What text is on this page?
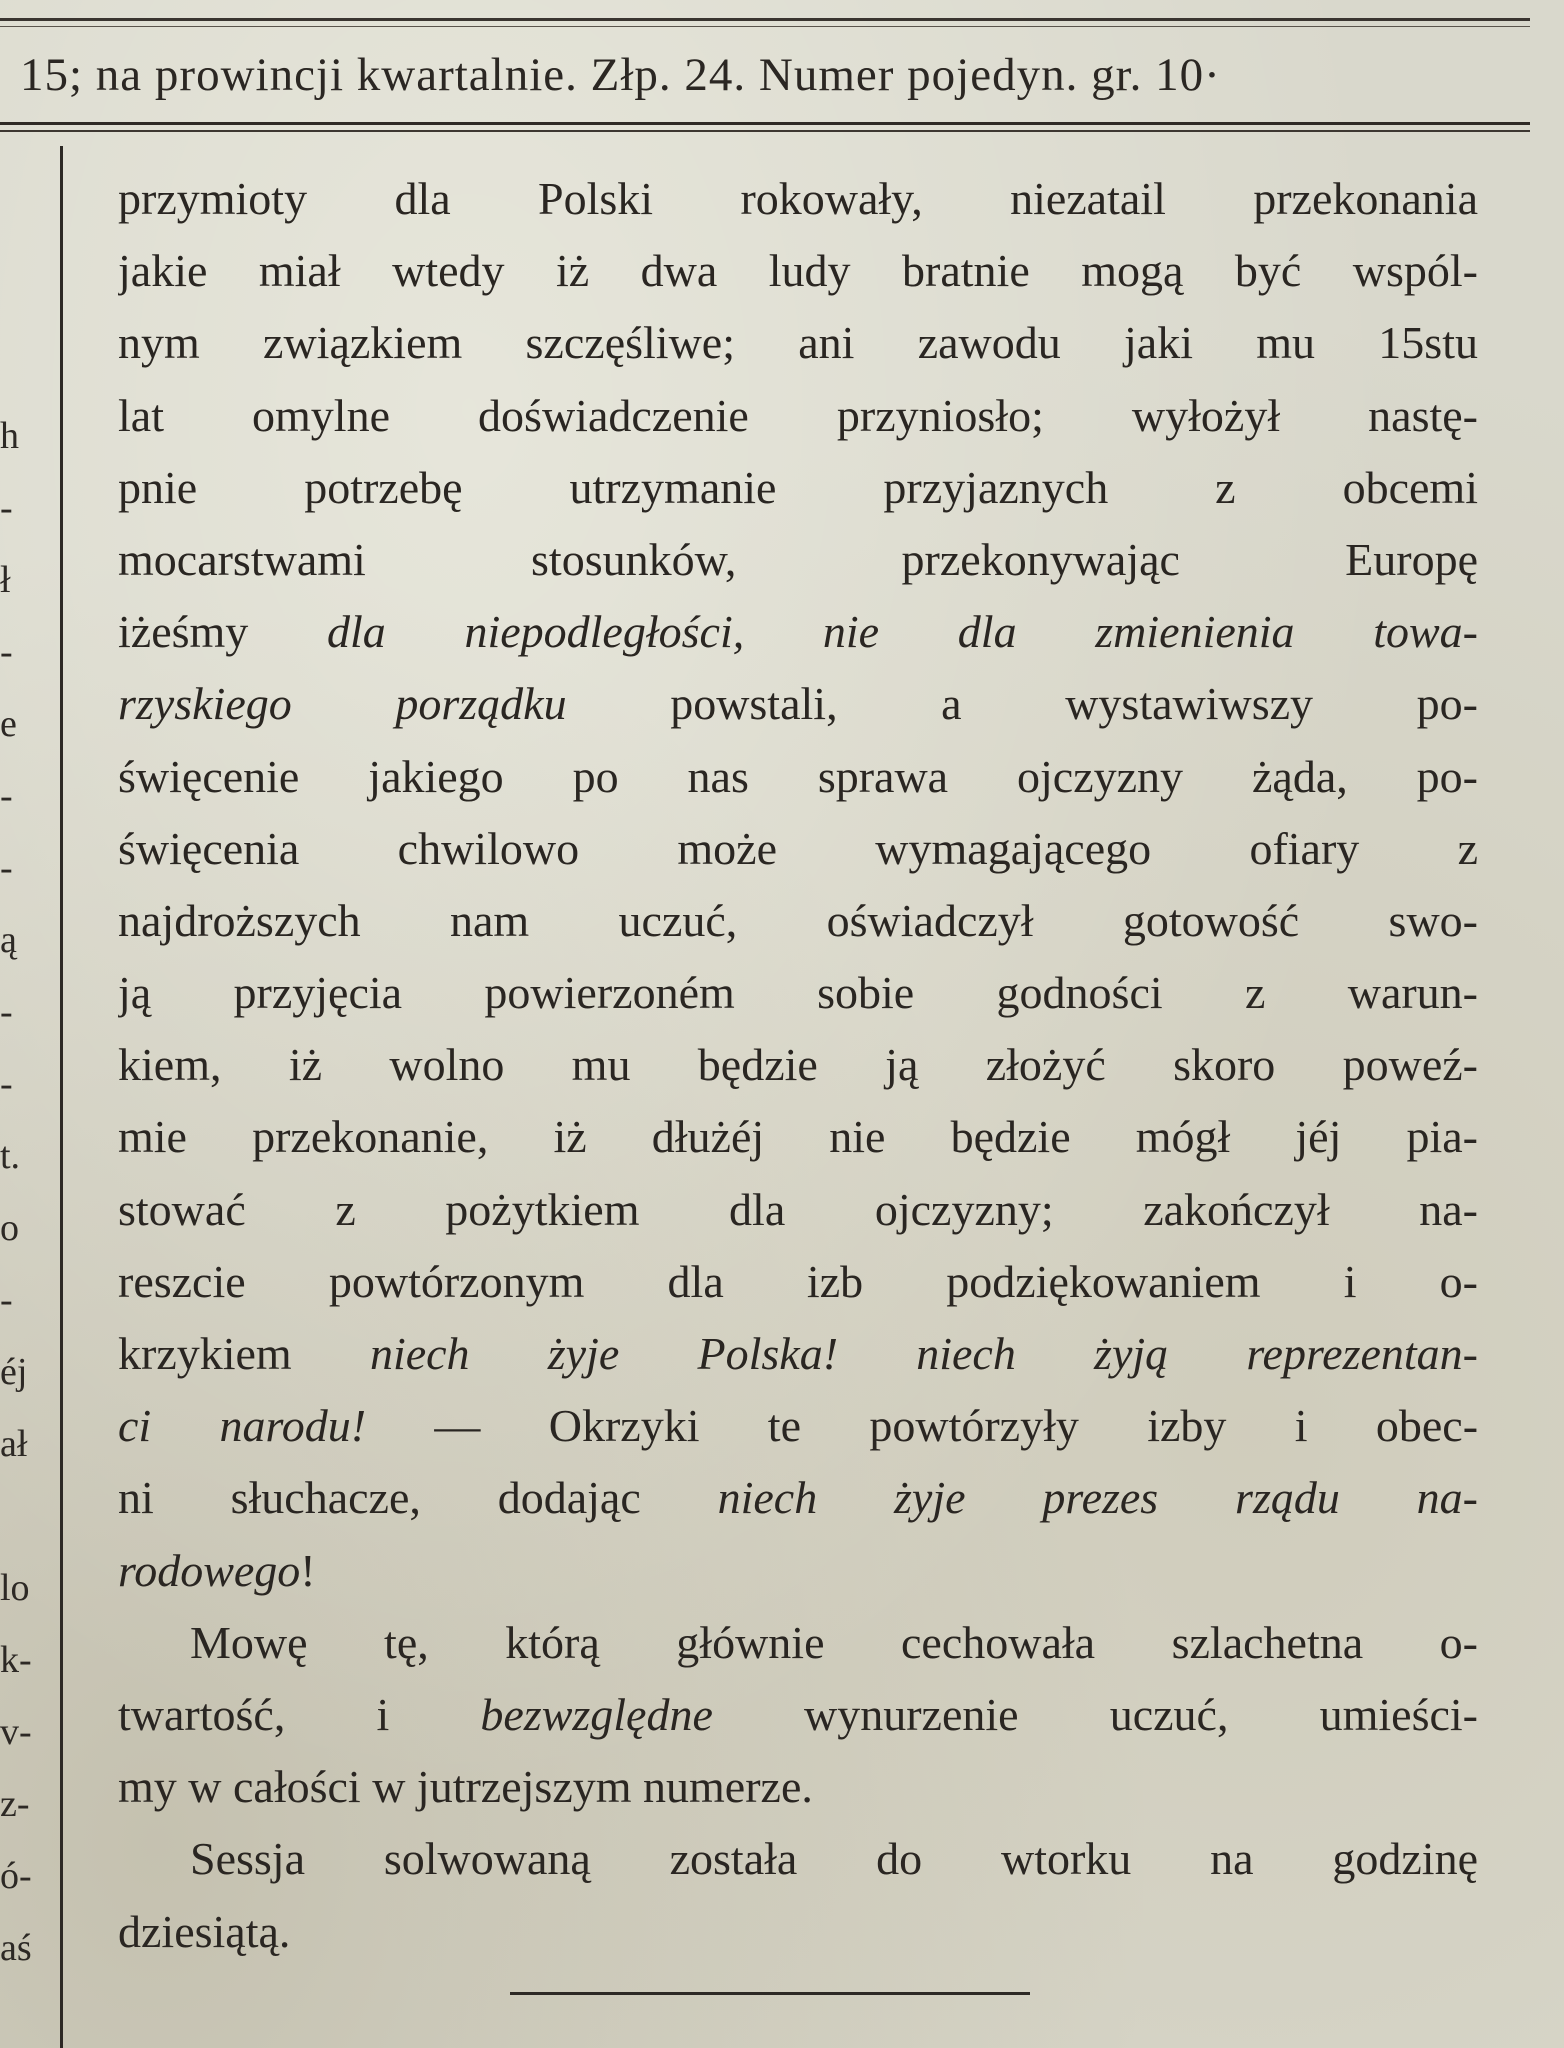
15; na prowincji kwartalnie. Złp. 24. Numer pojedyn. gr. 10·
h
-
ł
-
e
-
-
ą
-
-
t.
o
-
éj
ał
lo
k-
v-
z-
ó-
aś
przymioty dla Polski rokowały, niezatail przekonania
jakie miał wtedy iż dwa ludy bratnie mogą być wspól-
nym związkiem szczęśliwe; ani zawodu jaki mu 15stu
lat omylne doświadczenie przyniosło; wyłożył nastę-
pnie potrzebę utrzymanie przyjaznych z obcemi
mocarstwami stosunków, przekonywając Europę
iżeśmy dla niepodległości, nie dla zmienienia towa-
rzyskiego porządku powstali, a wystawiwszy po-
święcenie jakiego po nas sprawa ojczyzny żąda, po-
święcenia chwilowo może wymagającego ofiary z
najdroższych nam uczuć, oświadczył gotowość swo-
ją przyjęcia powierzoném sobie godności z warun-
kiem, iż wolno mu będzie ją złożyć skoro poweź-
mie przekonanie, iż dłużéj nie będzie mógł jéj pia-
stować z pożytkiem dla ojczyzny; zakończył na-
reszcie powtórzonym dla izb podziękowaniem i o-
krzykiem niech żyje Polska! niech żyją reprezentan-
ci narodu! — Okrzyki te powtórzyły izby i obec-
ni słuchacze, dodając niech żyje prezes rządu na-
rodowego!
Mowę tę, którą głównie cechowała szlachetna o-
twartość, i bezwzględne wynurzenie uczuć, umieści-
my w całości w jutrzejszym numerze.
Sessja solwowaną została do wtorku na godzinę
dziesiątą.
